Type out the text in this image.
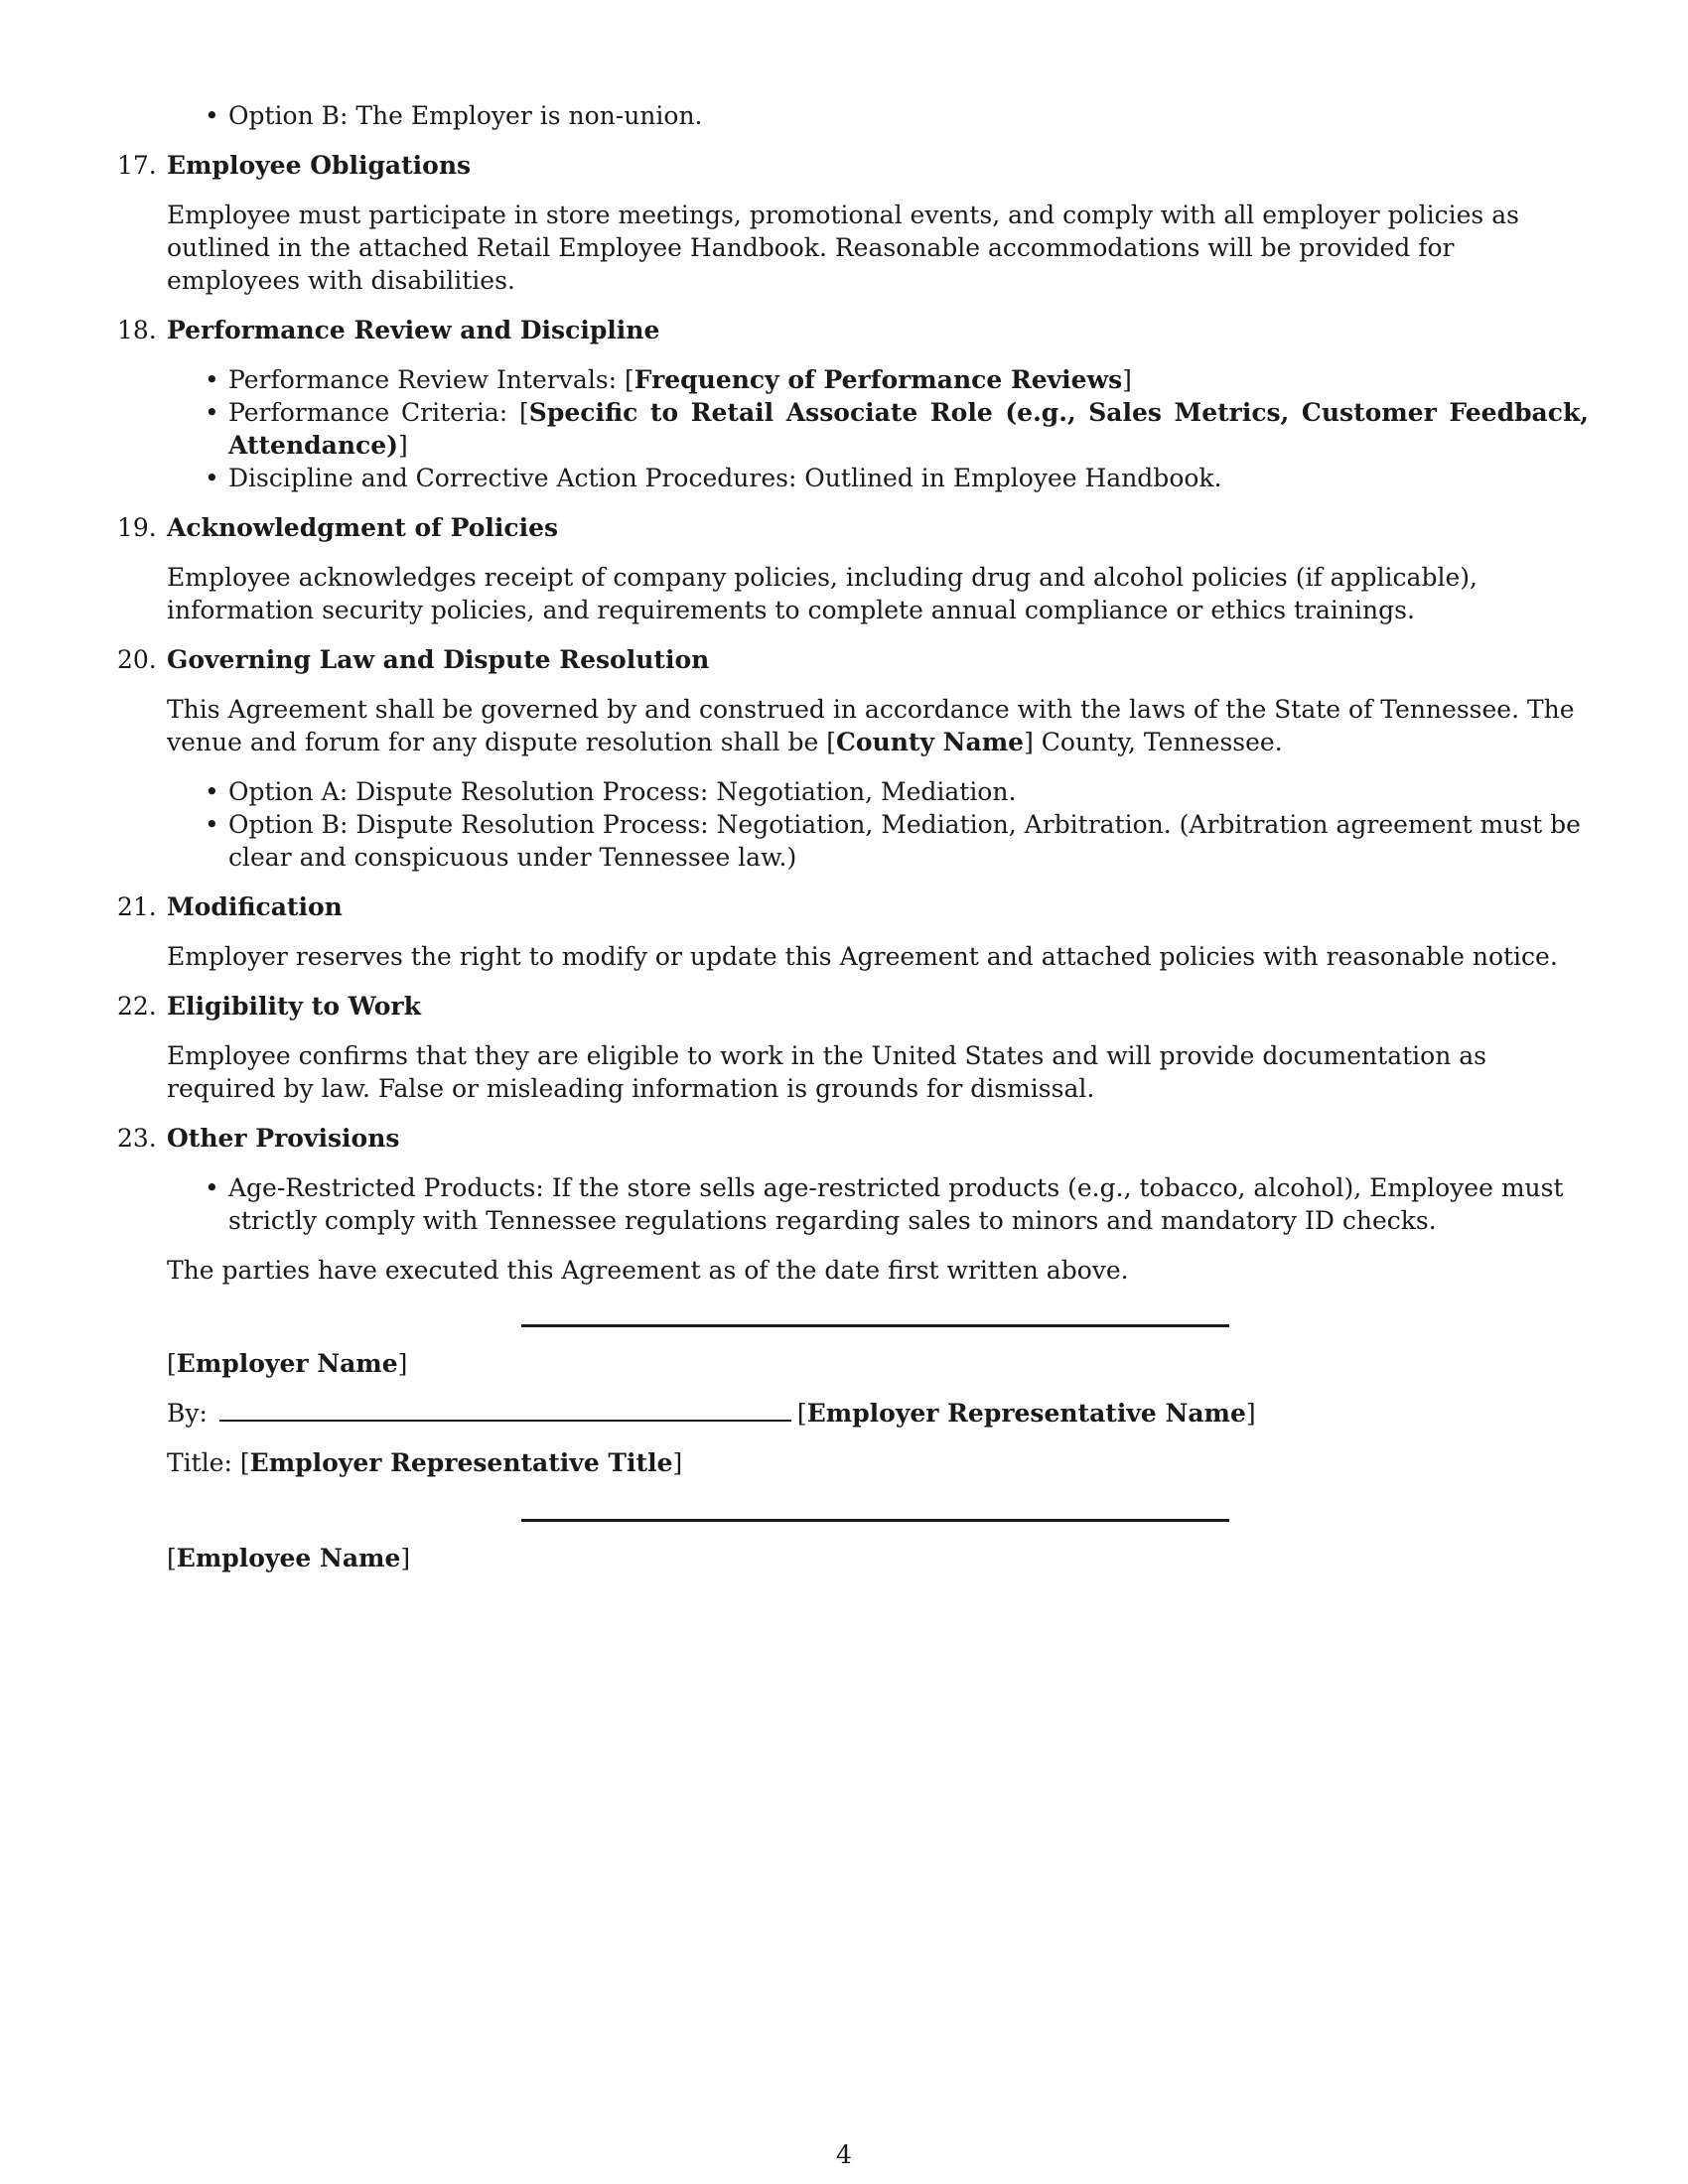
• Option B: The Employer is non-union.
17. Employee Obligations

Employee must participate in store meetings, promotional events, and comply with all employer policies as outlined in the attached Retail Employee Handbook. Reasonable accommodations will be provided for employees with disabilities.

18. Performance Review and Discipline
• Performance Review Intervals: [Frequency of Performance Reviews]
• Performance Criteria: [Specific to Retail Associate Role (e.g., Sales Metrics, Customer Feedback, Attendance)]
• Discipline and Corrective Action Procedures: Outlined in Employee Handbook.
19. Acknowledgment of Policies

Employee acknowledges receipt of company policies, including drug and alcohol policies (if applicable), information security policies, and requirements to complete annual compliance or ethics trainings.

20. Governing Law and Dispute Resolution

This Agreement shall be governed by and construed in accordance with the laws of the State of Tennessee. The venue and forum for any dispute resolution shall be [County Name] County, Tennessee.

• Option A: Dispute Resolution Process: Negotiation, Mediation.
• Option B: Dispute Resolution Process: Negotiation, Mediation, Arbitration. (Arbitration agreement must be clear and conspicuous under Tennessee law.)
21. Modification

Employer reserves the right to modify or update this Agreement and attached policies with reasonable notice.

22. Eligibility to Work

Employee confirms that they are eligible to work in the United States and will provide documentation as required by law. False or misleading information is grounds for dismissal.

23. Other Provisions
• Age-Restricted Products: If the store sells age-restricted products (e.g., tobacco, alcohol), Employee must strictly comply with Tennessee regulations regarding sales to minors and mandatory ID checks.

The parties have executed this Agreement as of the date first written above.

[Employer Name]

By:	[Employer Representative Name]

Title: [Employer Representative Title]

[Employee Name]

4
